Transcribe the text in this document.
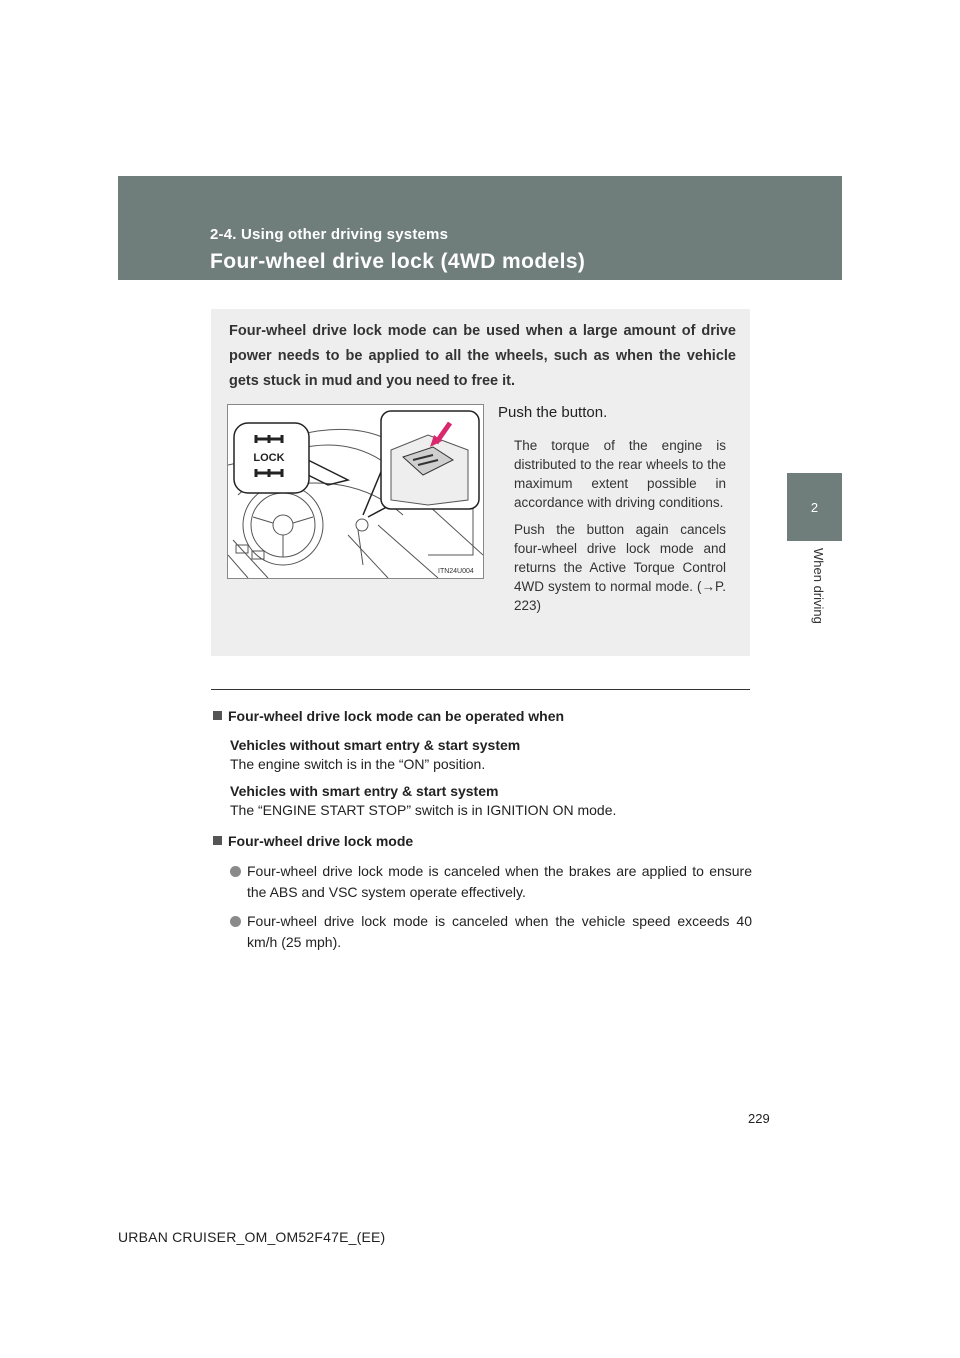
2-4. Using other driving systems
Four-wheel drive lock (4WD models)
2
When driving
Four-wheel drive lock mode can be used when a large amount of drive power needs to be applied to all the wheels, such as when the vehicle gets stuck in mud and you need to free it.
LOCK
ITN24U004
Push the button.

The torque of the engine is distributed to the rear wheels to the maximum extent possible in accordance with driving conditions.

Push the button again cancels four-wheel drive lock mode and returns the Active Torque Control 4WD system to normal mode. (→P. 223)

Four-wheel drive lock mode can be operated when
Vehicles without smart entry & start system
The engine switch is in the “ON” position.
Vehicles with smart entry & start system
The “ENGINE START STOP” switch is in IGNITION ON mode.
Four-wheel drive lock mode
Four-wheel drive lock mode is canceled when the brakes are applied to ensure the ABS and VSC system operate effectively.
Four-wheel drive lock mode is canceled when the vehicle speed exceeds 40 km/h (25 mph).
229
URBAN CRUISER_OM_OM52F47E_(EE)
